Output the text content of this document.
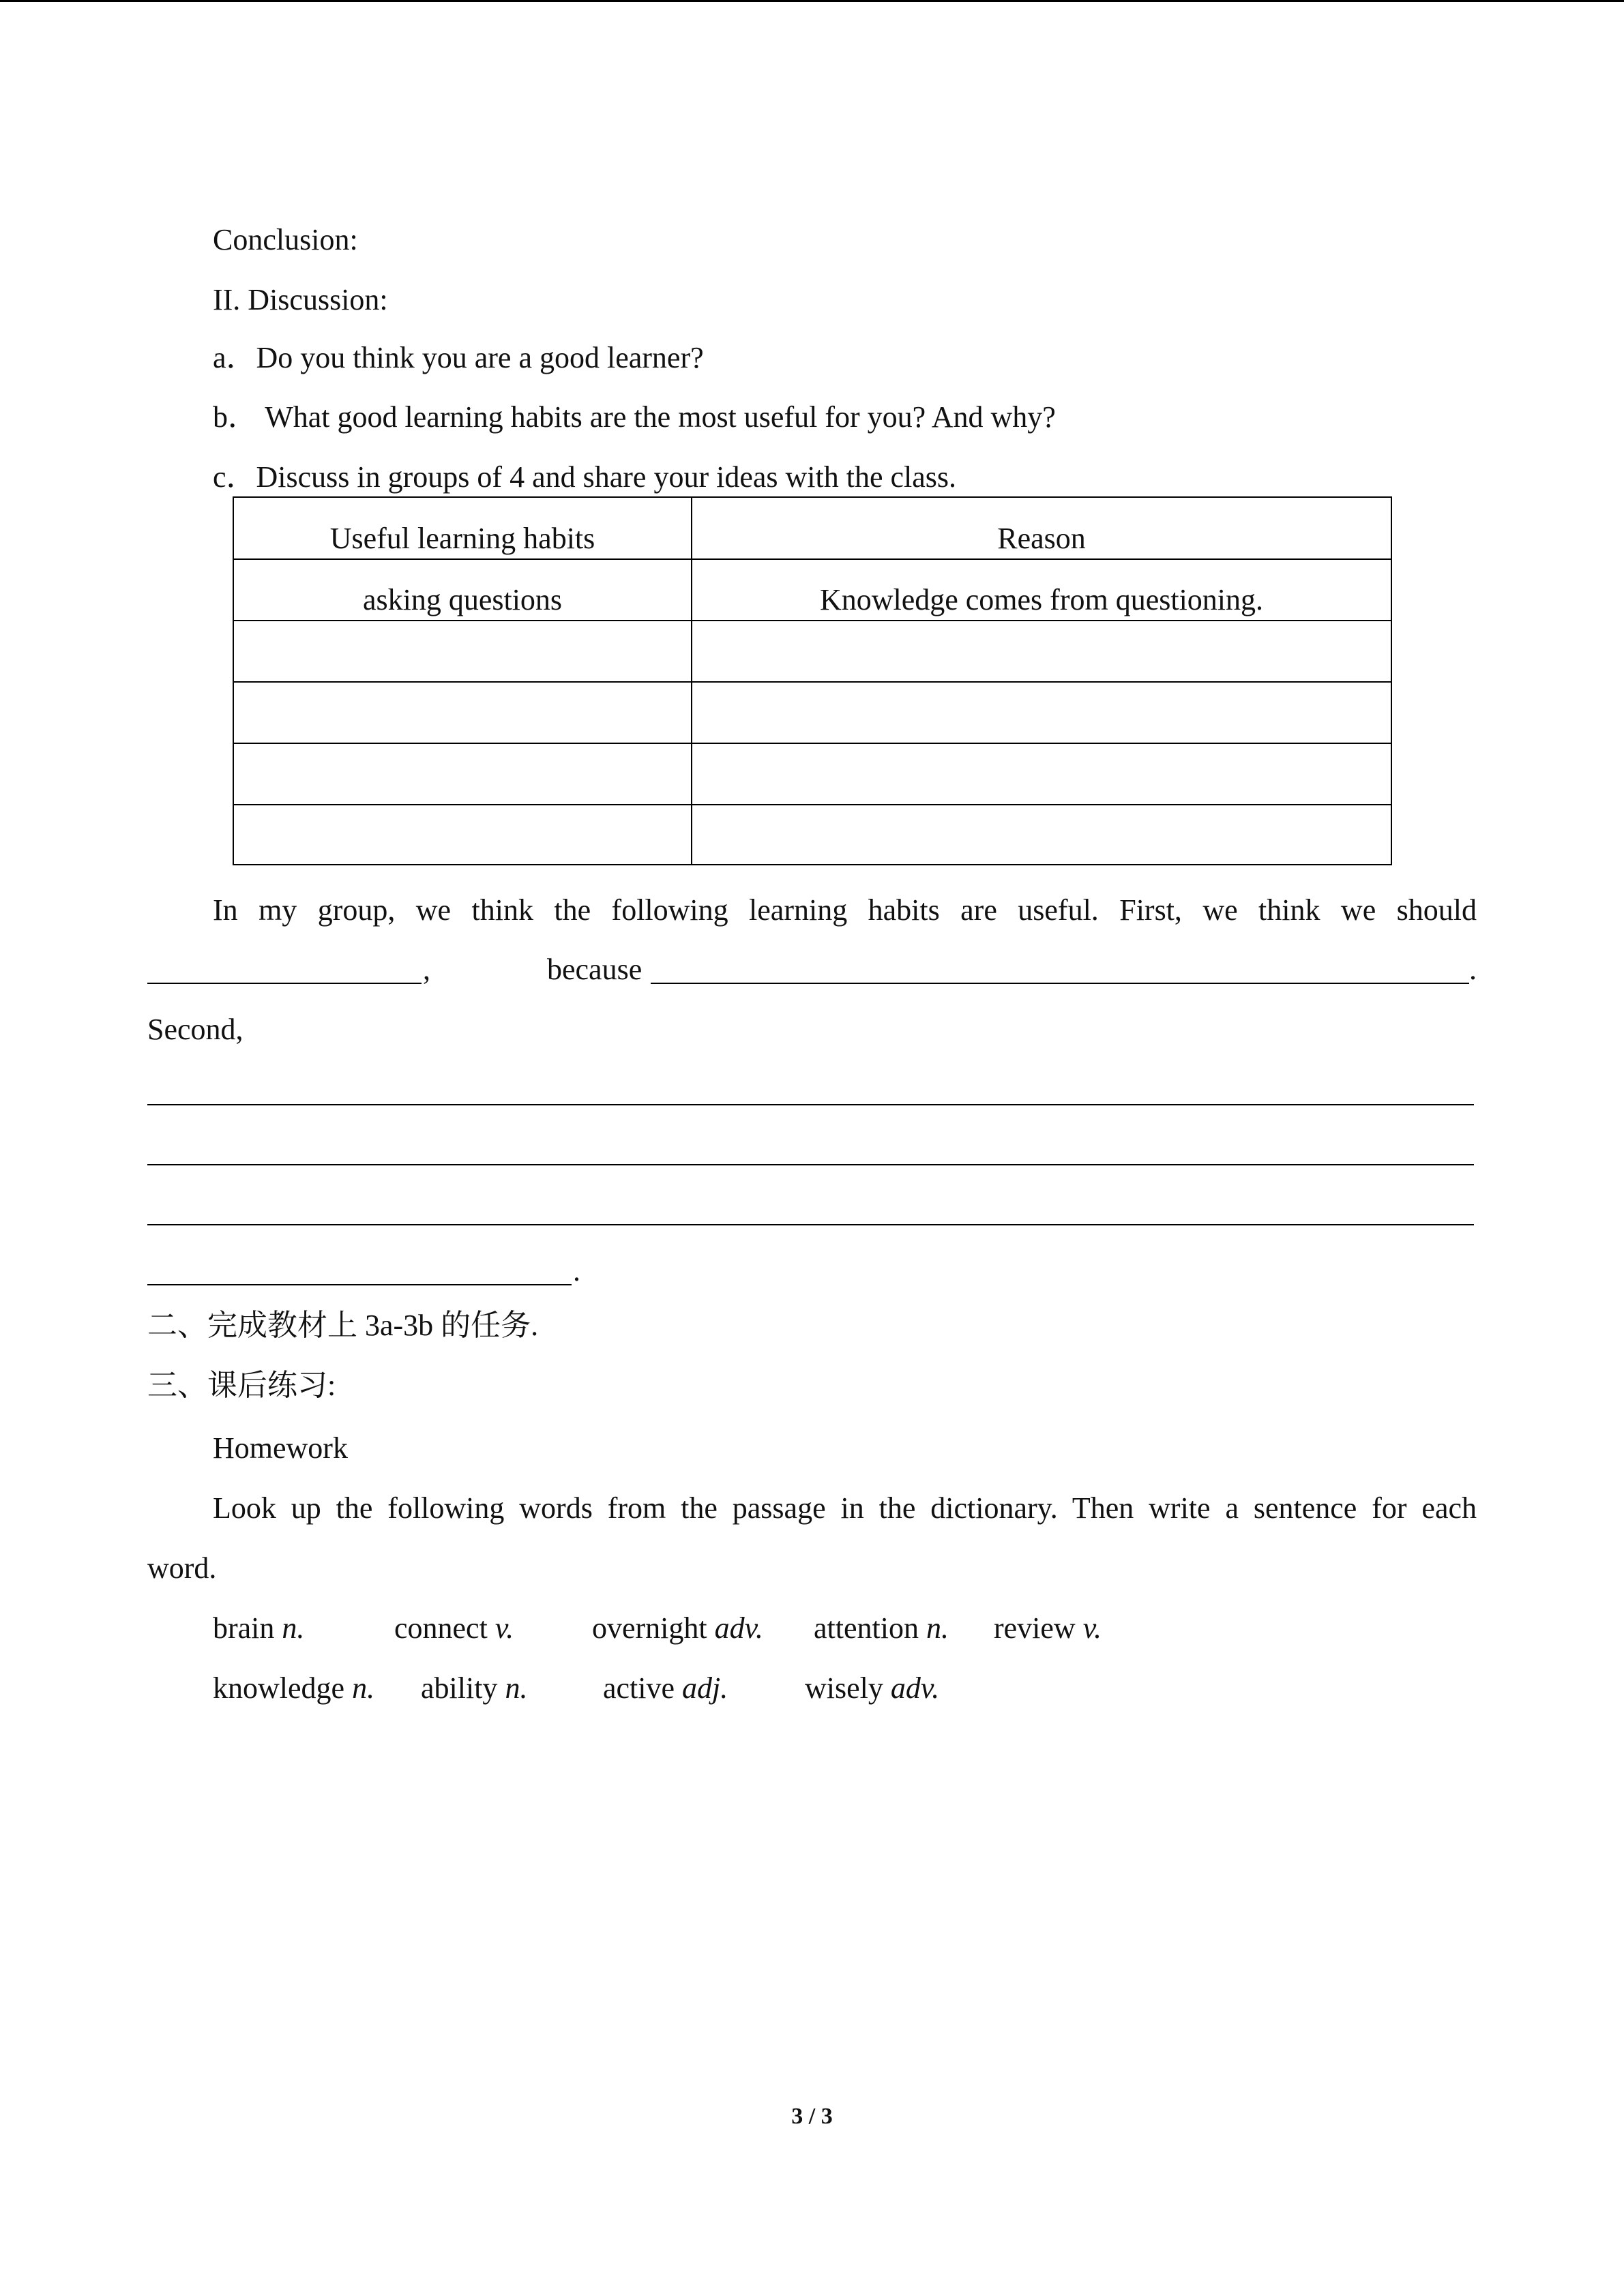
Conclusion:
II. Discussion:
a．Do you think you are a good learner?
b． What good learning habits are the most useful for you? And why?
c．Discuss in groups of 4 and share your ideas with the class.
Useful learning habits	Reason
asking questions	Knowledge comes from questioning.
In my group, we think the following learning habits are useful. First, we think we should
,	because	.
Second,
.
二、完成教材上 3a-3b 的任务.
三、课后练习:
Homework
Look up the following words from the passage in the dictionary. Then write a sentence for each
word.
brain n.	connect v.	overnight adv. attention n. review v.
knowledge n. ability n.	active adj.	wisely adv.
3 / 3
